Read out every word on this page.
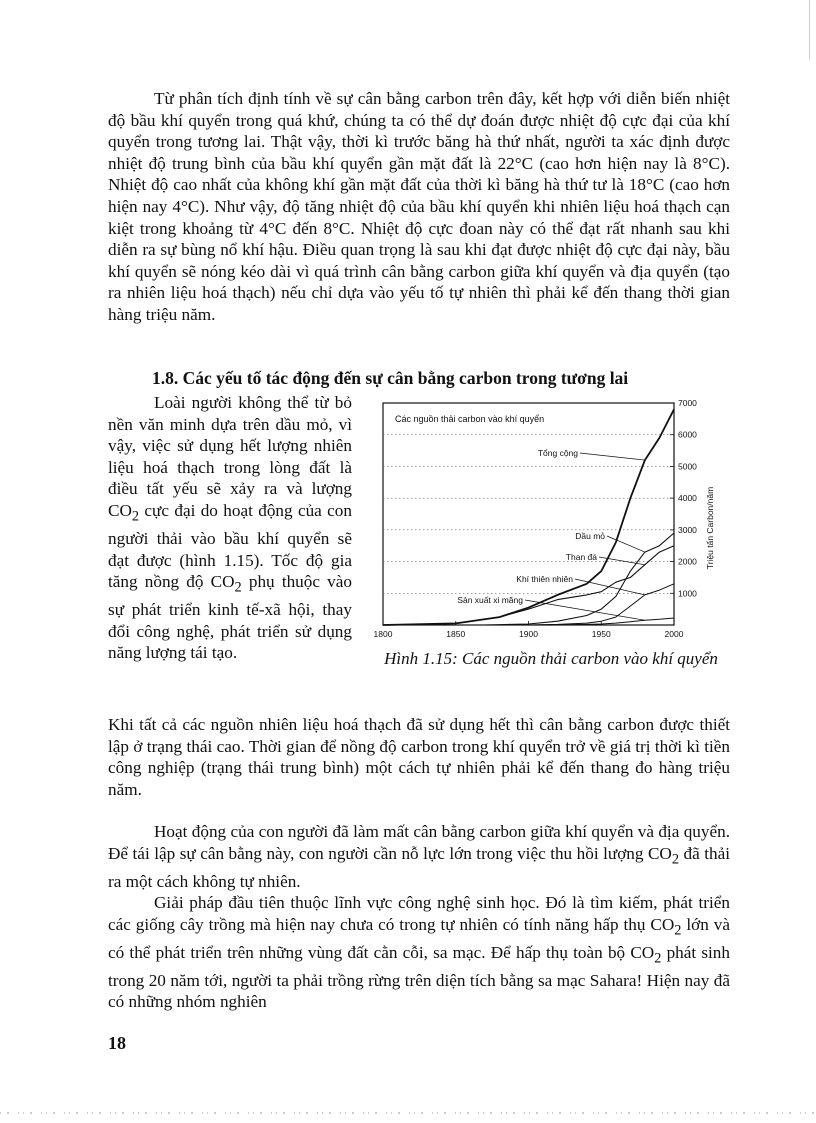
Từ phân tích định tính về sự cân bằng carbon trên đây, kết hợp với diễn biến nhiệt độ bầu khí quyển trong quá khứ, chúng ta có thể dự đoán được nhiệt độ cực đại của khí quyển trong tương lai. Thật vậy, thời kì trước băng hà thứ nhất, người ta xác định được nhiệt độ trung bình của bầu khí quyển gần mặt đất là 22°C (cao hơn hiện nay là 8°C). Nhiệt độ cao nhất của không khí gần mặt đất của thời kì băng hà thứ tư là 18°C (cao hơn hiện nay 4°C). Như vậy, độ tăng nhiệt độ của bầu khí quyển khi nhiên liệu hoá thạch cạn kiệt trong khoảng từ 4°C đến 8°C. Nhiệt độ cực đoan này có thể đạt rất nhanh sau khi diễn ra sự bùng nổ khí hậu. Điều quan trọng là sau khi đạt được nhiệt độ cực đại này, bầu khí quyển sẽ nóng kéo dài vì quá trình cân bằng carbon giữa khí quyển và địa quyển (tạo ra nhiên liệu hoá thạch) nếu chỉ dựa vào yếu tố tự nhiên thì phải kể đến thang thời gian hàng triệu năm.

1.8. Các yếu tố tác động đến sự cân bằng carbon trong tương lai

Loài người không thể từ bỏ nền văn minh dựa trên dầu mỏ, vì vậy, việc sử dụng hết lượng nhiên liệu hoá thạch trong lòng đất là điều tất yếu sẽ xảy ra và lượng $CO_2$ cực đại do hoạt động của con người thải vào bầu khí quyển sẽ đạt được (hình 1.15). Tốc độ gia tăng nồng độ $CO_2$ phụ thuộc vào sự phát triển kinh tế-xã hội, thay đổi công nghệ, phát triển sử dụng năng lượng tái tạo.

1000
2000
3000
4000
5000
6000
7000
1800	1850	1900	1950	2000
Các nguồn thải carbon vào khí quyển
Triệu tấn Carbon/năm
Tổng cộng
Dầu mỏ
Than đá
Khí thiên nhiên
Sản xuất xi măng

Hình 1.15: Các nguồn thải carbon vào khí quyển

Khi tất cả các nguồn nhiên liệu hoá thạch đã sử dụng hết thì cân bằng carbon được thiết lập ở trạng thái cao. Thời gian để nồng độ carbon trong khí quyển trở về giá trị thời kì tiền công nghiệp (trạng thái trung bình) một cách tự nhiên phải kể đến thang đo hàng triệu năm.

Hoạt động của con người đã làm mất cân bằng carbon giữa khí quyển và địa quyển. Để tái lập sự cân bằng này, con người cần nỗ lực lớn trong việc thu hồi lượng $CO_2$ đã thải ra một cách không tự nhiên.

Giải pháp đầu tiên thuộc lĩnh vực công nghệ sinh học. Đó là tìm kiếm, phát triển các giống cây trồng mà hiện nay chưa có trong tự nhiên có tính năng hấp thụ $CO_2$ lớn và có thể phát triển trên những vùng đất cằn cỗi, sa mạc. Để hấp thụ toàn bộ $CO_2$ phát sinh trong 20 năm tới, người ta phải trồng rừng trên diện tích bằng sa mạc Sahara! Hiện nay đã có những nhóm nghiên

18
